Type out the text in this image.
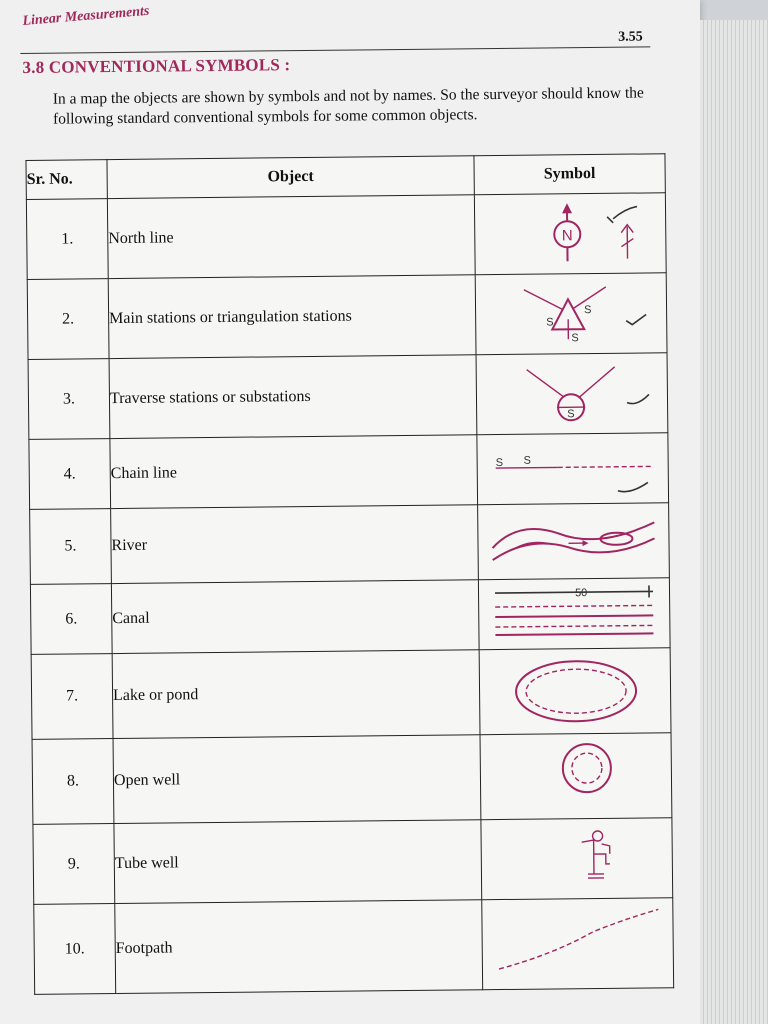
Linear Measurements
3.55
3.8 CONVENTIONAL SYMBOLS :
In a map the objects are shown by symbols and not by names. So the surveyor should know the following standard conventional symbols for some common objects.
Sr. No.	Object	Symbol
1.	North line	N

2.	Main stations or triangulation stations	S
S
S

3.	Traverse stations or substations	S

4.	Chain line	S S

5.	River	

6.	Canal	50

7.	Lake or pond	

8.	Open well	

9.	Tube well	

10.	Footpath	
